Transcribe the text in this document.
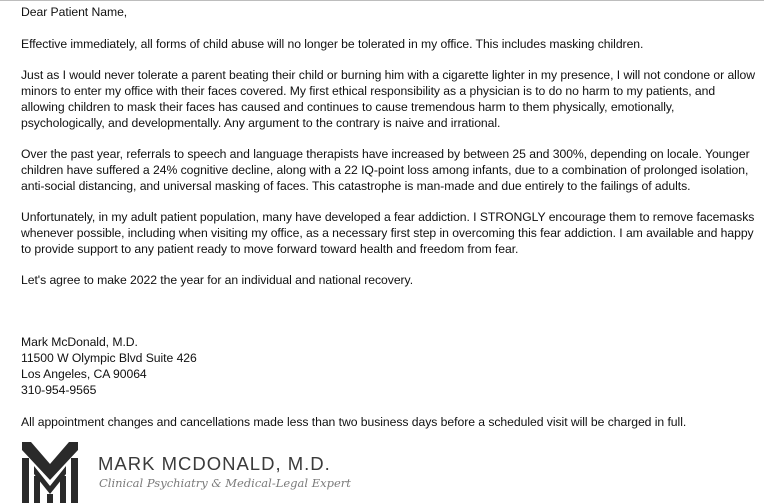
Dear Patient Name,

Effective immediately, all forms of child abuse will no longer be tolerated in my office. This includes masking children.

Just as I would never tolerate a parent beating their child or burning him with a cigarette lighter in my presence, I will not condone or allow minors to enter my office with their faces covered. My first ethical responsibility as a physician is to do no harm to my patients, and allowing children to mask their faces has caused and continues to cause tremendous harm to them physically, emotionally, psychologically, and developmentally. Any argument to the contrary is naive and irrational.

Over the past year, referrals to speech and language therapists have increased by between 25 and 300%, depending on locale. Younger children have suffered a 24% cognitive decline, along with a 22 IQ-point loss among infants, due to a combination of prolonged isolation, anti-social distancing, and universal masking of faces. This catastrophe is man-made and due entirely to the failings of adults.

Unfortunately, in my adult patient population, many have developed a fear addiction. I STRONGLY encourage them to remove facemasks whenever possible, including when visiting my office, as a necessary first step in overcoming this fear addiction. I am available and happy to provide support to any patient ready to move forward toward health and freedom from fear.

Let's agree to make 2022 the year for an individual and national recovery.

Mark McDonald, M.D.
11500 W Olympic Blvd Suite 426
Los Angeles, CA 90064
310-954-9565

All appointment changes and cancellations made less than two business days before a scheduled visit will be charged in full.

MARK MCDONALD, M.D.
Clinical Psychiatry & Medical-Legal Expert
